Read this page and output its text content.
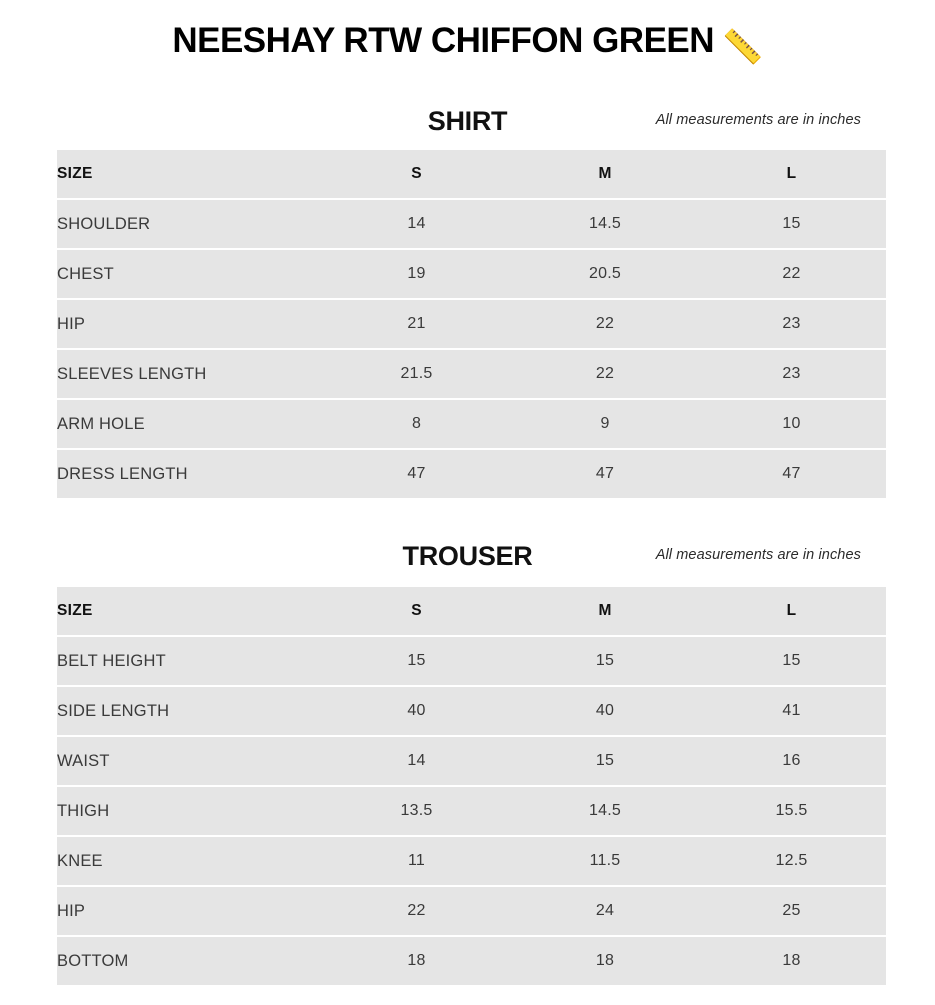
NEESHAY RTW CHIFFON GREEN 📏
SHIRT	All measurements are in inches
SIZE	S	M	L
SHOULDER	14	14.5	15
CHEST	19	20.5	22
HIP	21	22	23
SLEEVES LENGTH	21.5	22	23
ARM HOLE	8	9	10
DRESS LENGTH	47	47	47
TROUSER	All measurements are in inches
SIZE	S	M	L
BELT HEIGHT	15	15	15
SIDE LENGTH	40	40	41
WAIST	14	15	16
THIGH	13.5	14.5	15.5
KNEE	11	11.5	12.5
HIP	22	24	25
BOTTOM	18	18	18
